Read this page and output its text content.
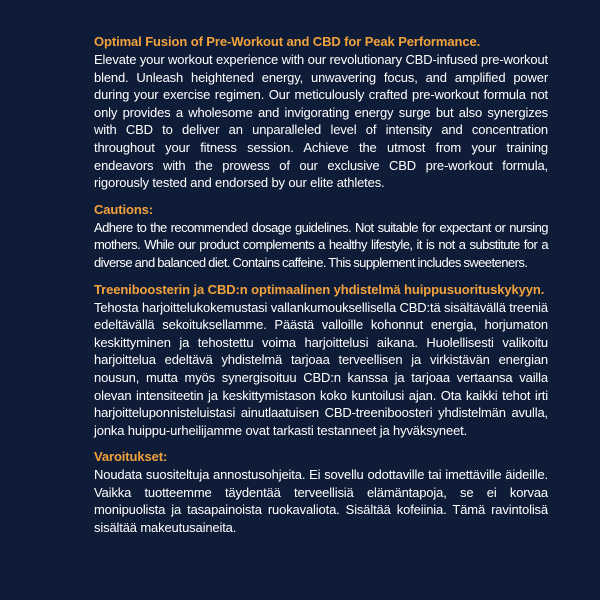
Optimal Fusion of Pre-Workout and CBD for Peak Performance.

Elevate your workout experience with our revolutionary CBD-infused pre-workout blend. Unleash heightened energy, unwavering focus, and amplified power during your exercise regimen. Our meticulously crafted pre-workout formula not only provides a wholesome and invigorating energy surge but also synergizes with CBD to deliver an unparalleled level of intensity and concentration throughout your fitness session. Achieve the utmost from your training endeavors with the prowess of our exclusive CBD pre-workout formula, rigorously tested and endorsed by our elite athletes.

Cautions:

Adhere to the recommended dosage guidelines. Not suitable for expectant or nursing mothers. While our product complements a healthy lifestyle, it is not a substitute for a diverse and balanced diet. Contains caffeine. This supplement includes sweeteners.

Treeniboosterin ja CBD:n optimaalinen yhdistelmä huippusuorituskykyyn.

Tehosta harjoittelukokemustasi vallankumouksellisella CBD:tä sisältävällä treeniä edeltävällä sekoituksellamme. Päästä valloille kohonnut energia, horjumaton keskittyminen ja tehostettu voima harjoittelusi aikana. Huolellisesti valikoitu harjoittelua edeltävä yhdistelmä tarjoaa terveellisen ja virkistävän energian nousun, mutta myös synergisoituu CBD:n kanssa ja tarjoaa vertaansa vailla olevan intensiteetin ja keskittymistason koko kuntoilusi ajan. Ota kaikki tehot irti harjoitteluponnisteluistasi ainutlaatuisen CBD-treeniboosteri yhdistelmän avulla, jonka huippu-urheilijamme ovat tarkasti testanneet ja hyväksyneet.

Varoitukset:

Noudata suositeltuja annostusohjeita. Ei sovellu odottaville tai imettäville äideille. Vaikka tuotteemme täydentää terveellisiä elämäntapoja, se ei korvaa monipuolista ja tasapainoista ruokavaliota. Sisältää kofeiinia. Tämä ravintolisä sisältää makeutusaineita.
